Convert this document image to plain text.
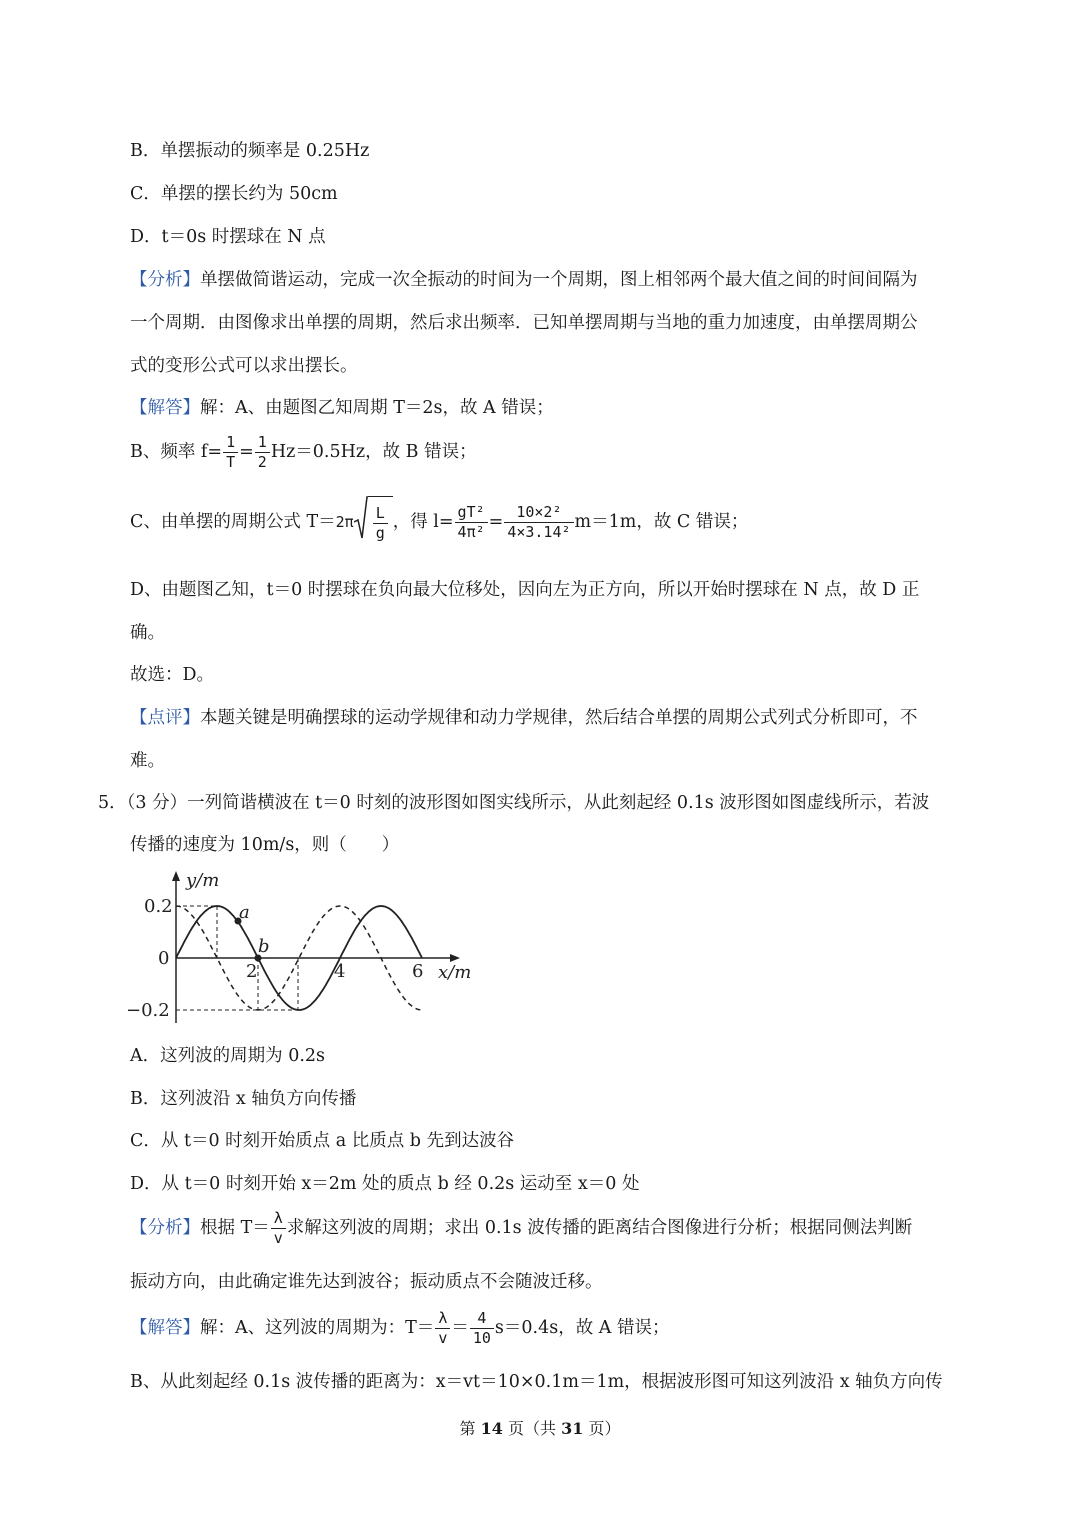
B．单摆振动的频率是 0.25Hz
C．单摆的摆长约为 50cm
D．t＝0s 时摆球在 N 点
【分析】单摆做简谐运动，完成一次全振动的时间为一个周期，图上相邻两个最大值之间的时间间隔为
一个周期．由图像求出单摆的周期，然后求出频率．已知单摆周期与当地的重力加速度，由单摆周期公
式的变形公式可以求出摆长。
【解答】解：A、由题图乙知周期 T＝2s，故 A 错误；
B、频率 $f= \frac{1}{T} = \frac{1}{2} Hz=0.5Hz$，故 B 错误；
C、由单摆的周期公式 $T=2\pi \frac{L}{g}$ ，得 $l= \frac{\text{gT²}}{\text{4π²}} = \frac{\text{10×2²}}{\text{4×3.14²}} m=1m$，故 C 错误；
D、由题图乙知，t＝0 时摆球在负向最大位移处，因向左为正方向，所以开始时摆球在 N 点，故 D 正
确。
故选：D。
【点评】本题关键是明确摆球的运动学规律和动力学规律，然后结合单摆的周期公式列式分析即可，不
难。
5．（3 分）一列简谐横波在 t＝0 时刻的波形图如图实线所示，从此刻起经 0.1s 波形图如图虚线所示，若波
传播的速度为 10m/s，则（　　）
y/m
x/m
0.2
0
−0.2
2	4	6
a
b
A．这列波的周期为 0.2s
B．这列波沿 x 轴负方向传播
C．从 t＝0 时刻开始质点 a 比质点 b 先到达波谷
D．从 t＝0 时刻开始 x＝2m 处的质点 b 经 0.2s 运动至 x＝0 处
【分析】根据 $T= \frac{\lambda}{v}$ 求解这列波的周期；求出 0.1s 波传播的距离结合图像进行分析；根据同侧法判断
振动方向，由此确定谁先达到波谷；振动质点不会随波迁移。
【解答】解：A、这列波的周期为：$T= \frac{\lambda}{v} = \frac{4}{10} s=0.4s$，故 A 错误；
B、从此刻起经 0.1s 波传播的距离为：x＝vt＝10×0.1m＝1m，根据波形图可知这列波沿 x 轴负方向传
第 14 页（共 31 页）
